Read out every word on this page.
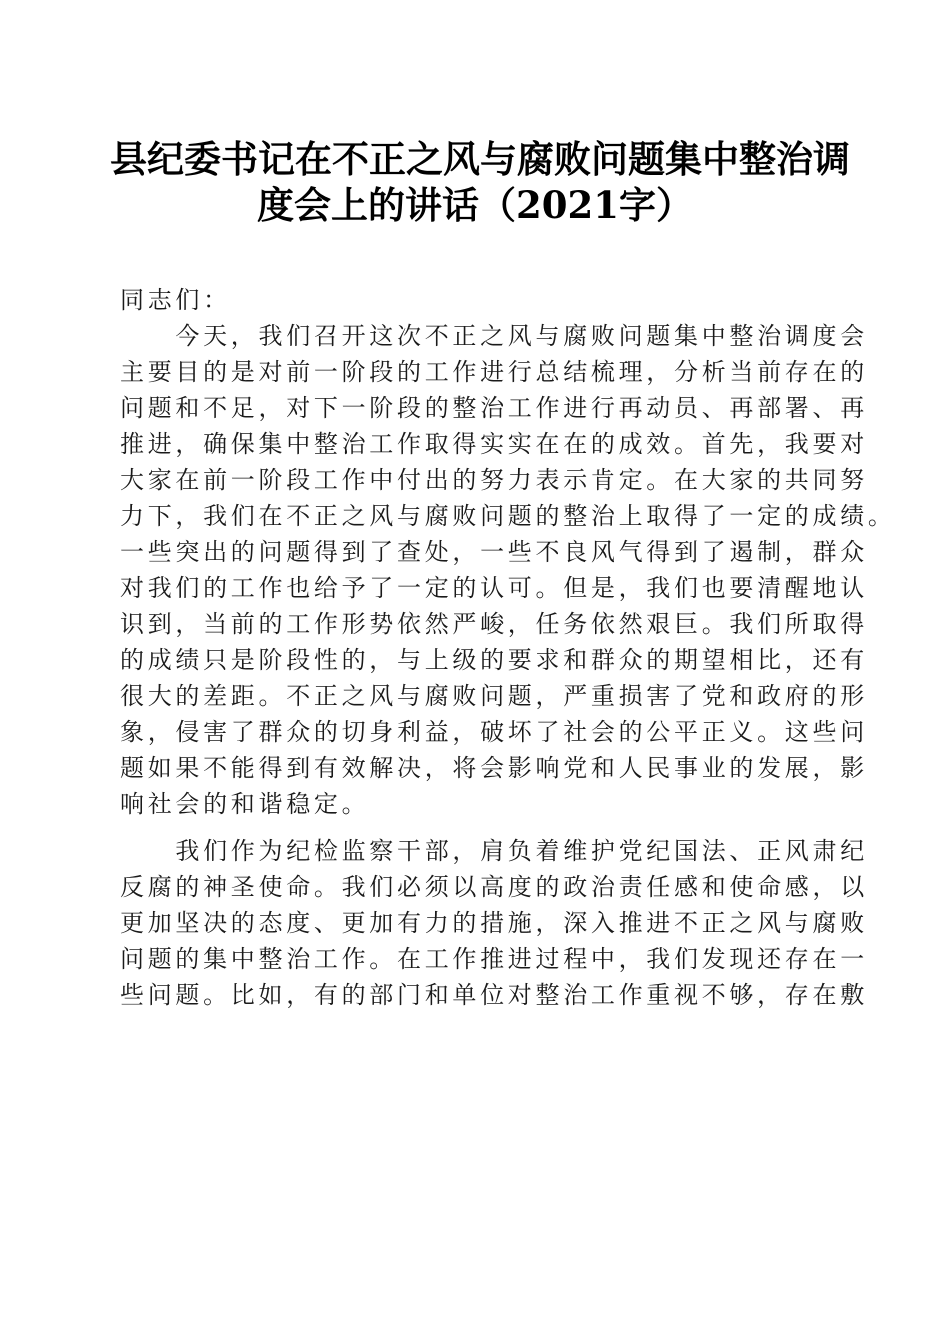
县纪委书记在不正之风与腐败问题集中整治调
度会上的讲话（2021字）
同志们：
　　今天，我们召开这次不正之风与腐败问题集中整治调度会
主要目的是对前一阶段的工作进行总结梳理，分析当前存在的
问题和不足，对下一阶段的整治工作进行再动员、再部署、再
推进，确保集中整治工作取得实实在在的成效。首先，我要对
大家在前一阶段工作中付出的努力表示肯定。在大家的共同努
力下，我们在不正之风与腐败问题的整治上取得了一定的成绩。
一些突出的问题得到了查处，一些不良风气得到了遏制，群众
对我们的工作也给予了一定的认可。但是，我们也要清醒地认
识到，当前的工作形势依然严峻，任务依然艰巨。我们所取得
的成绩只是阶段性的，与上级的要求和群众的期望相比，还有
很大的差距。不正之风与腐败问题，严重损害了党和政府的形
象，侵害了群众的切身利益，破坏了社会的公平正义。这些问
题如果不能得到有效解决，将会影响党和人民事业的发展，影
响社会的和谐稳定。
　　我们作为纪检监察干部，肩负着维护党纪国法、正风肃纪
反腐的神圣使命。我们必须以高度的政治责任感和使命感，以
更加坚决的态度、更加有力的措施，深入推进不正之风与腐败
问题的集中整治工作。在工作推进过程中，我们发现还存在一
些问题。比如，有的部门和单位对整治工作重视不够，存在敷
